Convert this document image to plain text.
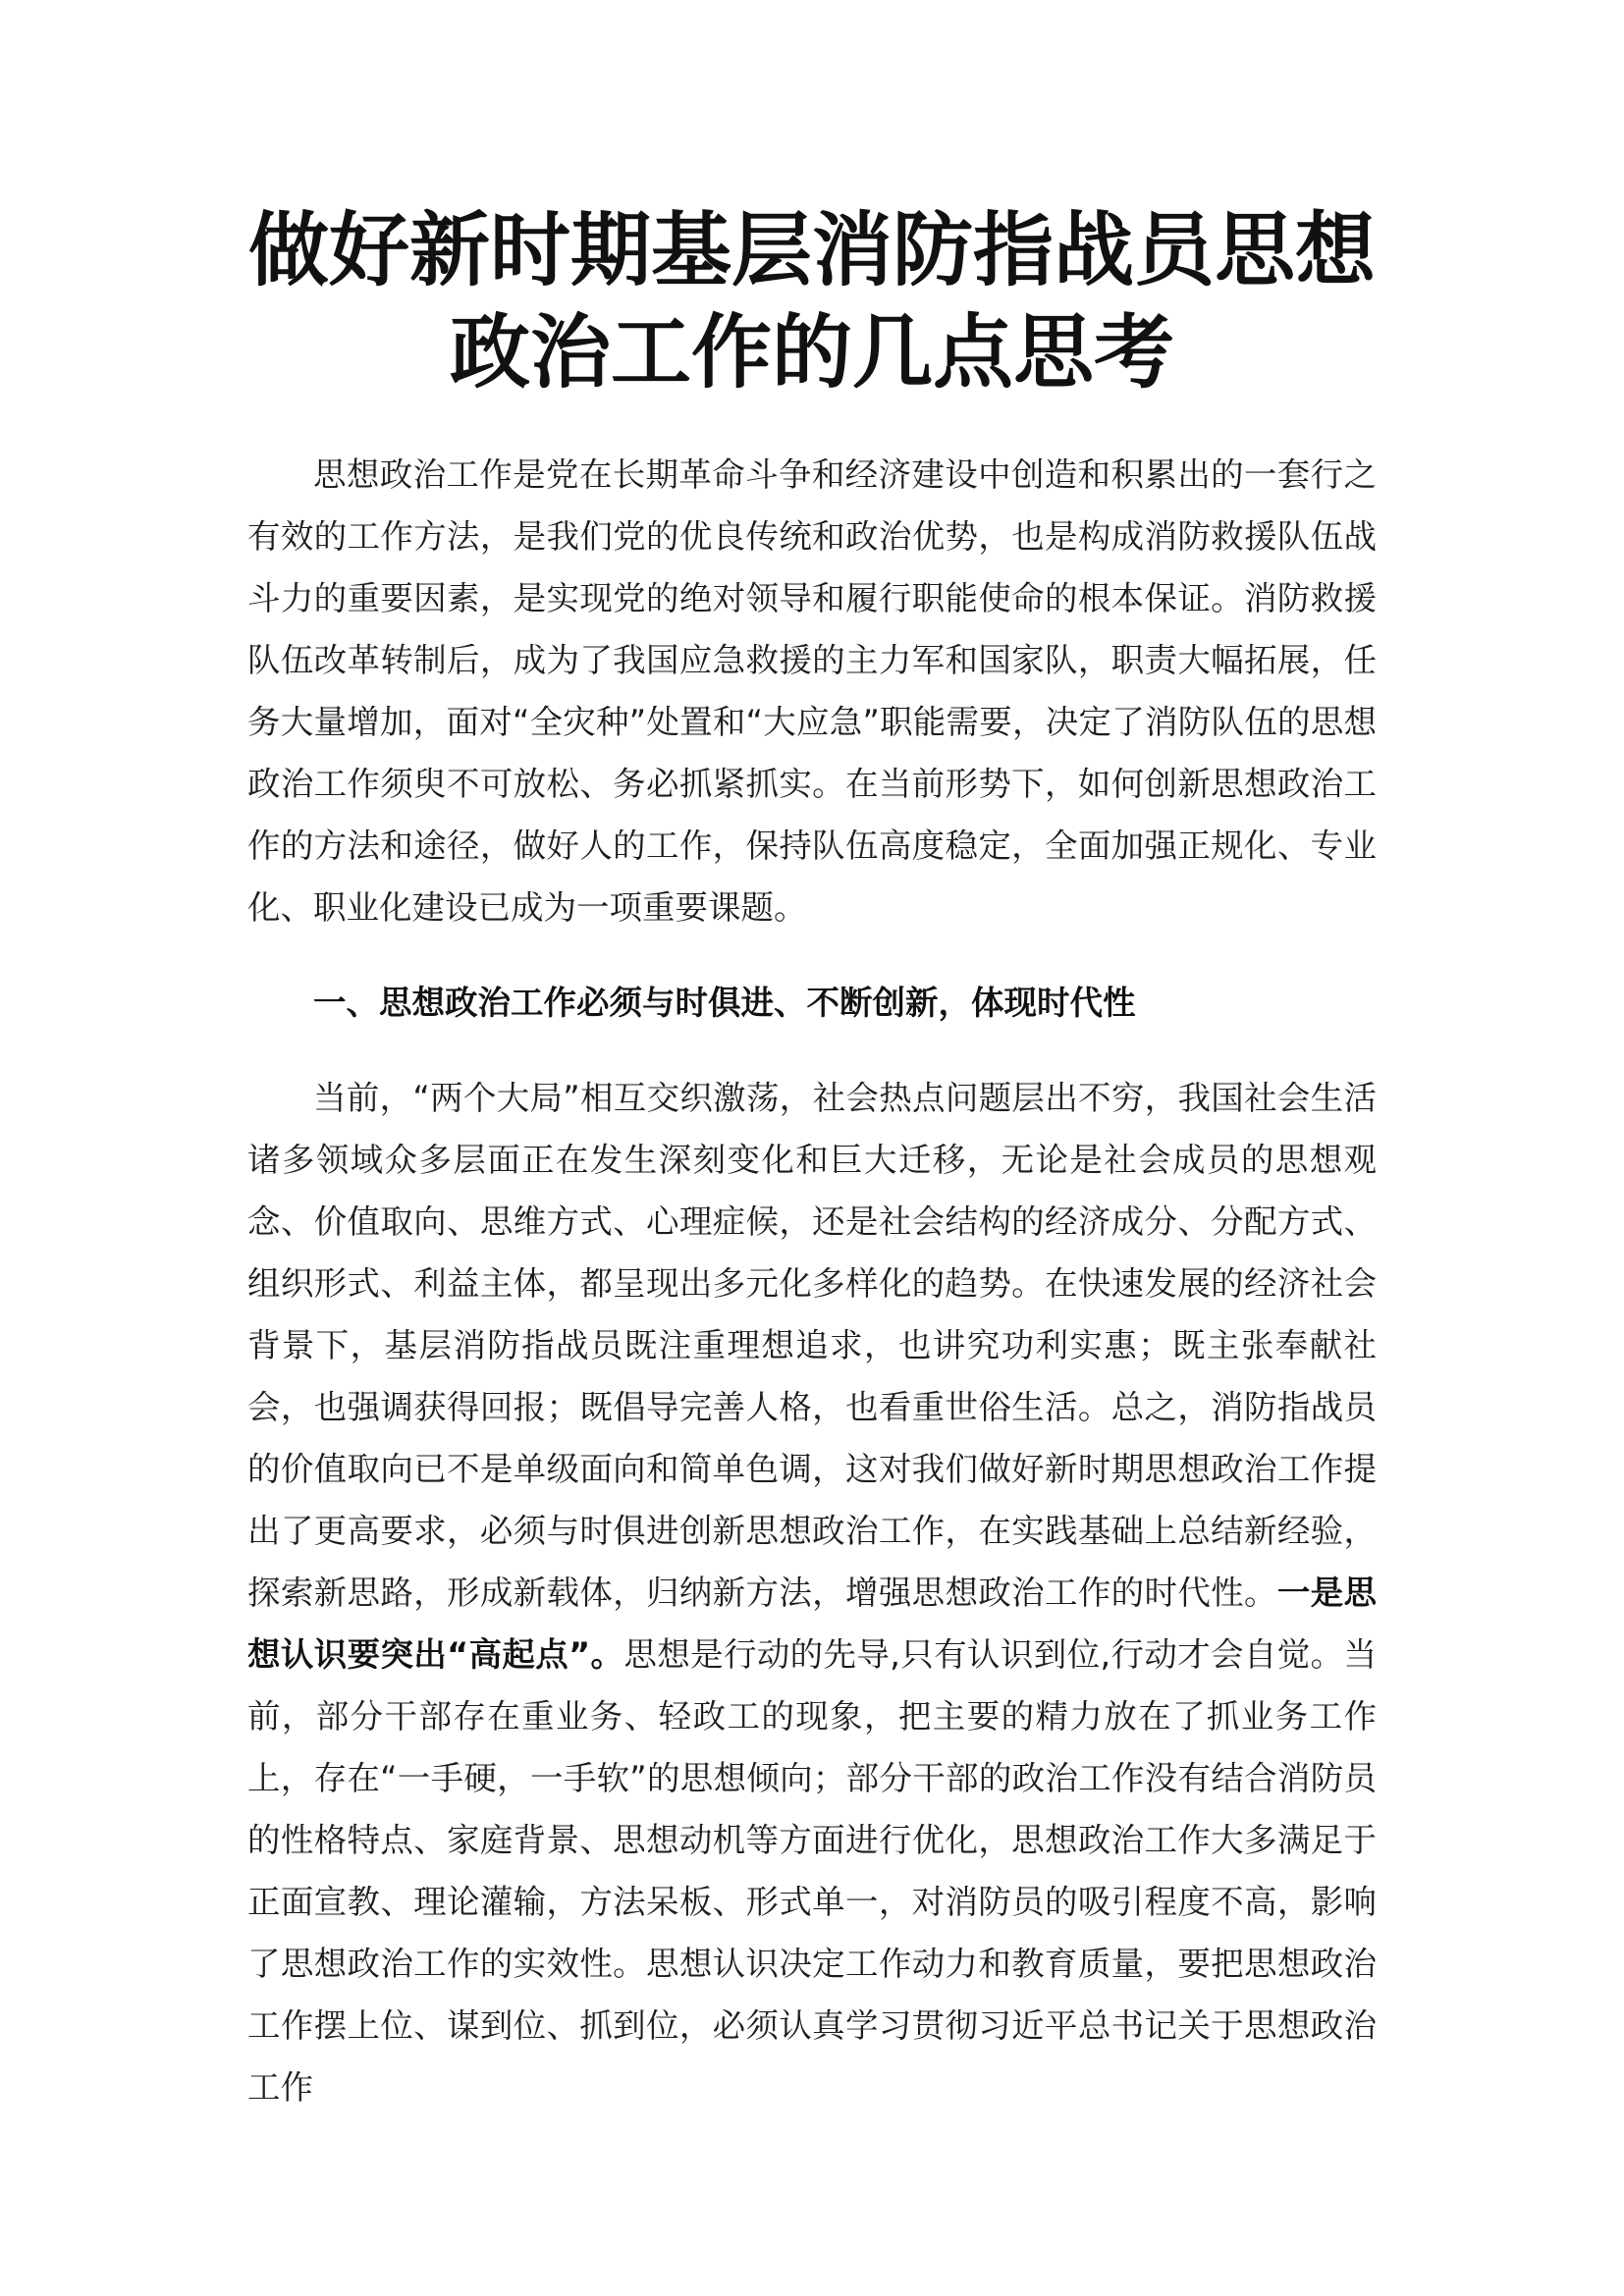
做好新时期基层消防指战员思想政治工作的几点思考

思想政治工作是党在长期革命斗争和经济建设中创造和积累出的一套行之有效的工作方法，是我们党的优良传统和政治优势，也是构成消防救援队伍战斗力的重要因素，是实现党的绝对领导和履行职能使命的根本保证。消防救援队伍改革转制后，成为了我国应急救援的主力军和国家队，职责大幅拓展，任务大量增加，面对“全灾种”处置和“大应急”职能需要，决定了消防队伍的思想政治工作须臾不可放松、务必抓紧抓实。在当前形势下，如何创新思想政治工作的方法和途径，做好人的工作，保持队伍高度稳定，全面加强正规化、专业化、职业化建设已成为一项重要课题。

一、思想政治工作必须与时俱进、不断创新，体现时代性

当前，“两个大局”相互交织激荡，社会热点问题层出不穷，我国社会生活诸多领域众多层面正在发生深刻变化和巨大迁移，无论是社会成员的思想观念、价值取向、思维方式、心理症候，还是社会结构的经济成分、分配方式、组织形式、利益主体，都呈现出多元化多样化的趋势。在快速发展的经济社会背景下，基层消防指战员既注重理想追求，也讲究功利实惠；既主张奉献社会，也强调获得回报；既倡导完善人格，也看重世俗生活。总之，消防指战员的价值取向已不是单级面向和简单色调，这对我们做好新时期思想政治工作提出了更高要求，必须与时俱进创新思想政治工作，在实践基础上总结新经验，探索新思路，形成新载体，归纳新方法，增强思想政治工作的时代性。一是思想认识要突出“高起点”。思想是行动的先导,只有认识到位,行动才会自觉。当前，部分干部存在重业务、轻政工的现象，把主要的精力放在了抓业务工作上，存在“一手硬，一手软”的思想倾向；部分干部的政治工作没有结合消防员的性格特点、家庭背景、思想动机等方面进行优化，思想政治工作大多满足于正面宣教、理论灌输，方法呆板、形式单一，对消防员的吸引程度不高，影响了思想政治工作的实效性。思想认识决定工作动力和教育质量，要把思想政治工作摆上位、谋到位、抓到位，必须认真学习贯彻习近平总书记关于思想政治工作
